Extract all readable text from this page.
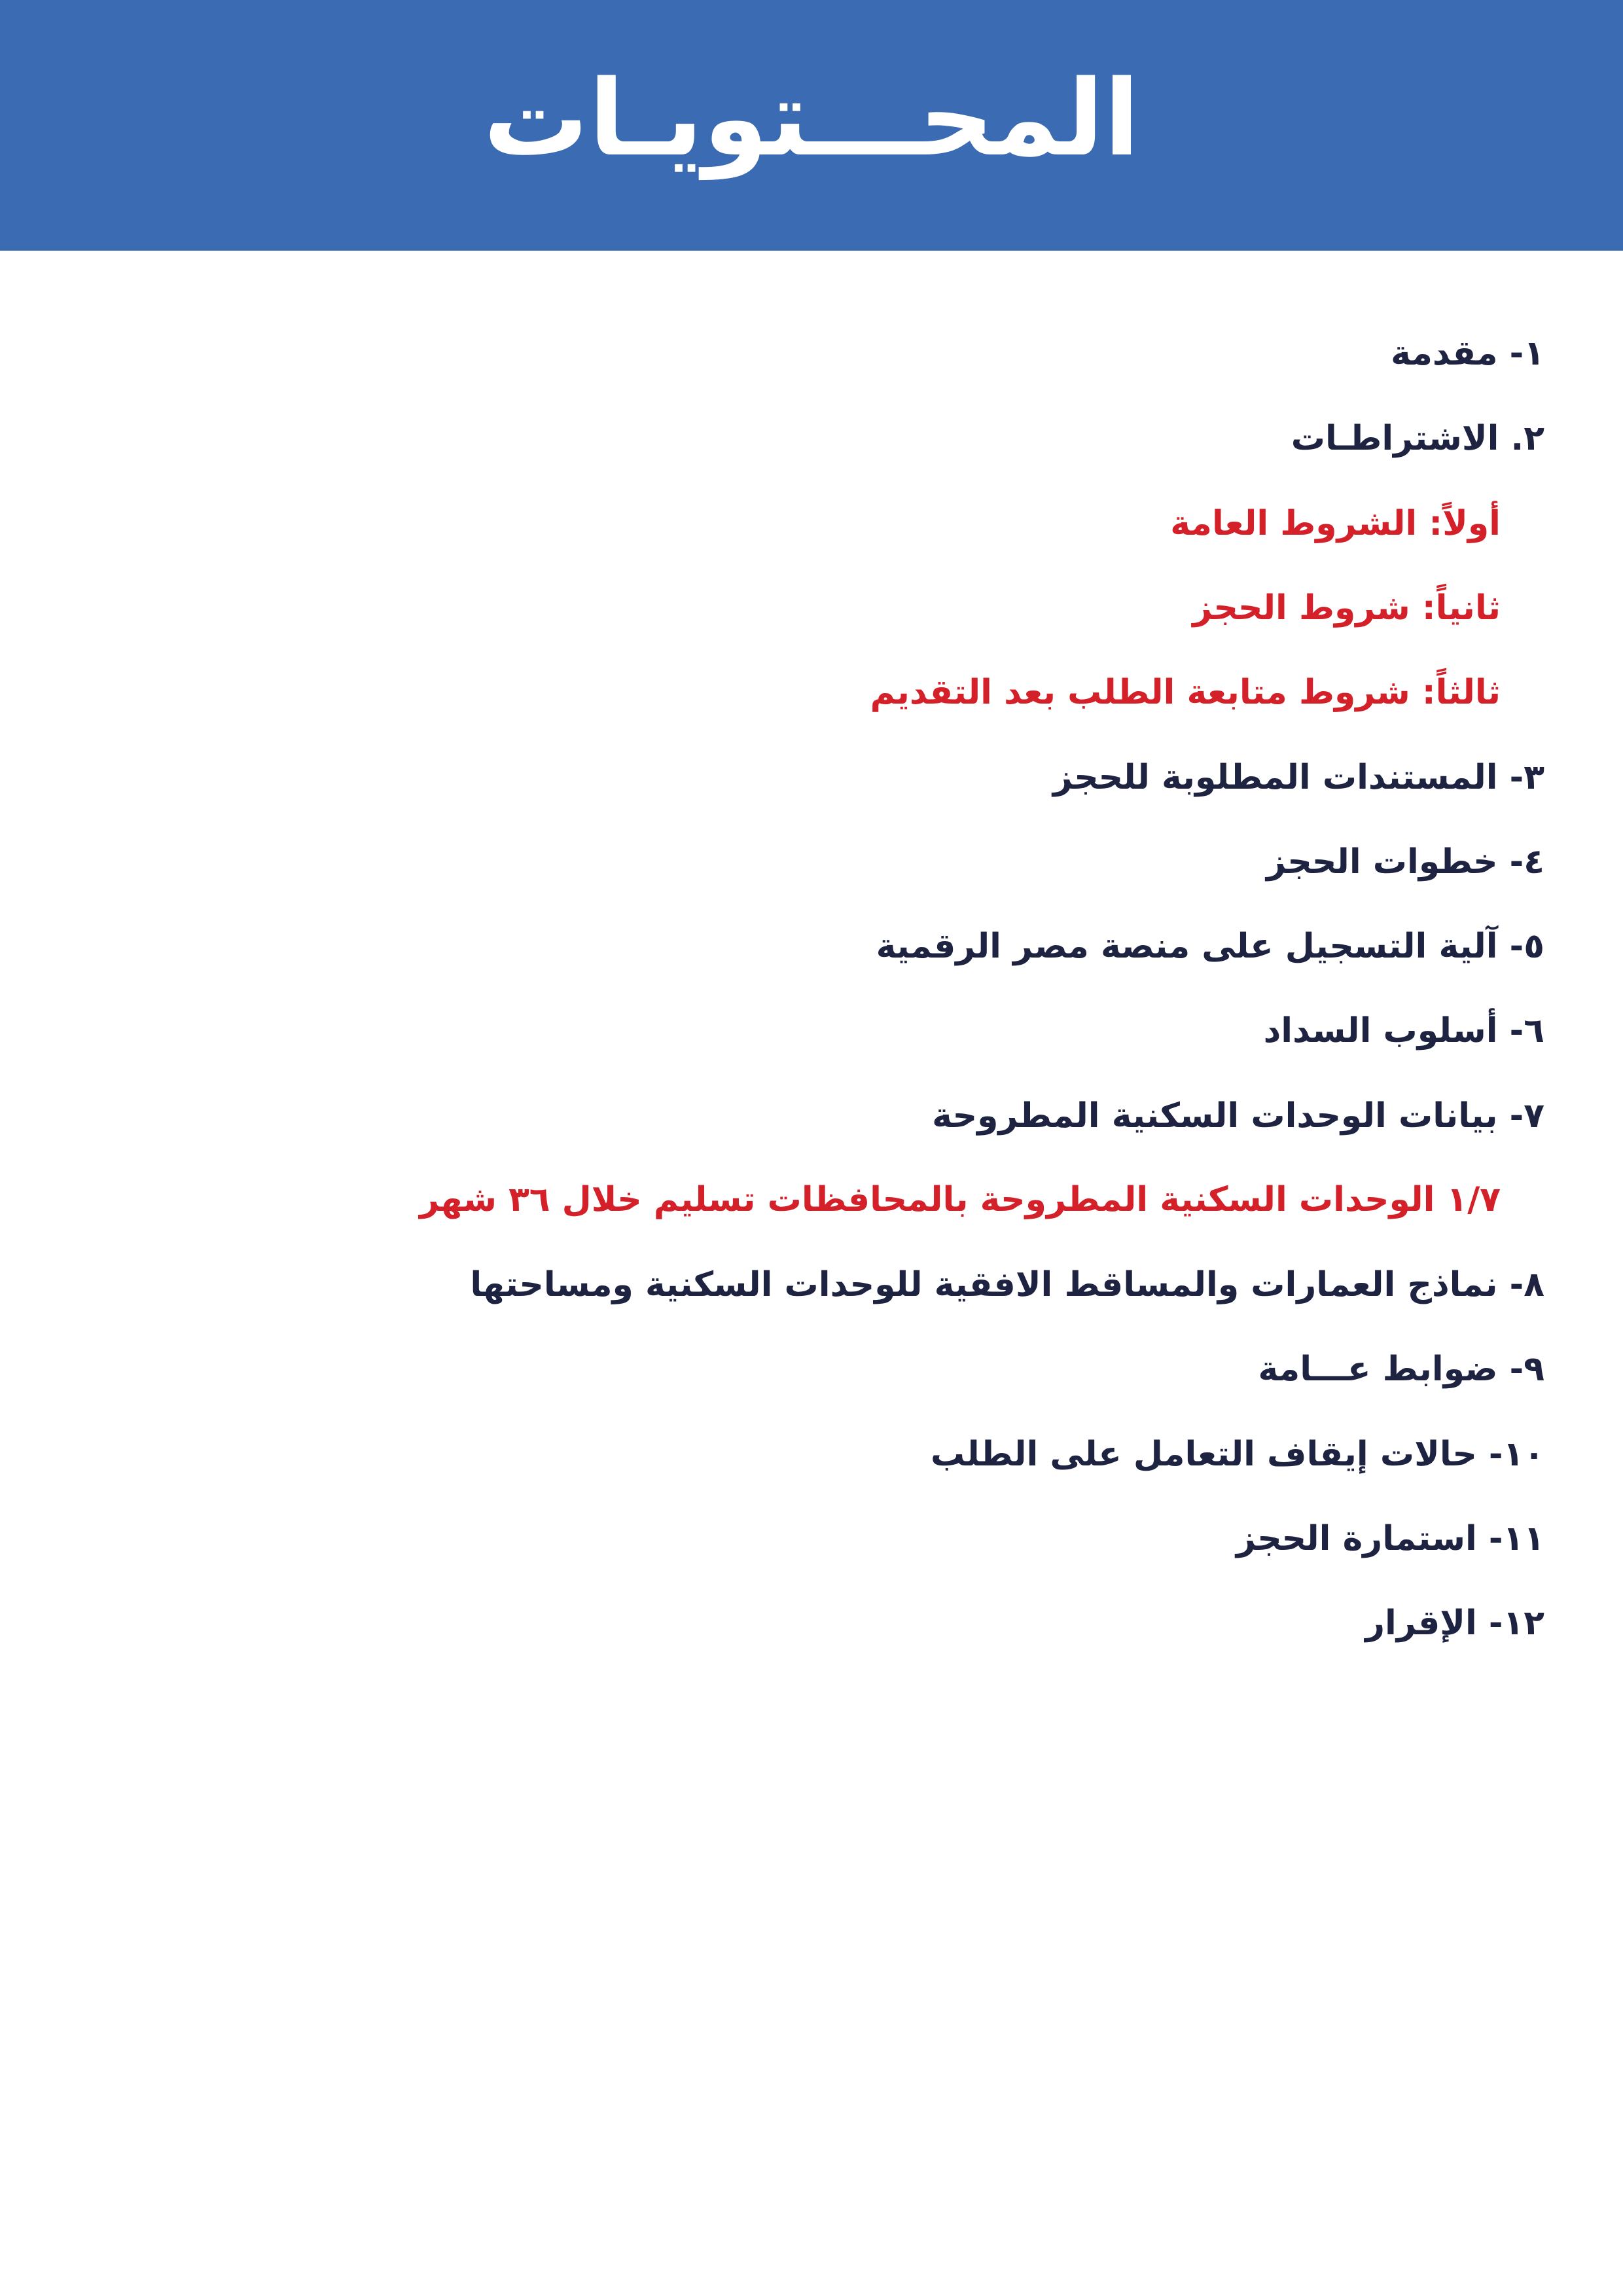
المحـــتويـات
١- مقدمة
٢. الاشتراطـات
أولاً: الشروط العامة
ثانياً: شروط الحجز
ثالثاً: شروط متابعة الطلب بعد التقديم
٣- المستندات المطلوبة للحجز
٤- خطوات الحجز
٥- آلية التسجيل على منصة مصر الرقمية
٦- أسلوب السداد
٧- بيانات الوحدات السكنية المطروحة
١/٧ الوحدات السكنية المطروحة بالمحافظات تسليم خلال ٣٦ شهر
٨- نماذج العمارات والمساقط الافقية للوحدات السكنية ومساحتها
٩- ضوابط عـــامة
١٠- حالات إيقاف التعامل على الطلب
١١- استمارة الحجز
١٢- الإقرار
